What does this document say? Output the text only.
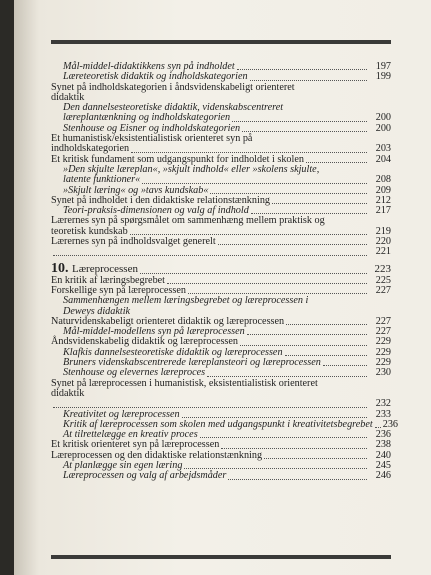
Mål-middel-didaktikkens syn på indholdet	197
Læreteoretisk didaktik og indholdskategorien	199
Synet på indholdskategorien i åndsvidenskabeligt orienteret
didaktik
Den dannelsesteoretiske didaktik, videnskabscentreret
læreplantænkning og indholdskategorien	200
Stenhouse og Eisner og indholdskategorien	200
Et humanistisk/eksistentialistisk orienteret syn på
indholdskategorien	203
Et kritisk fundament som udgangspunkt for indholdet i skolen	204
»Den skjulte læreplan«, »skjult indhold« eller »skolens skjulte,
latente funktioner«	208
»Skjult læring« og »tavs kundskab«	209
Synet på indholdet i den didaktiske relationstænkning	212
Teori-praksis-dimensionen og valg af indhold	217
Lærernes syn på spørgsmålet om sammenhæng mellem praktisk og
teoretisk kundskab	219
Lærernes syn på indholdsvalget generelt	220
221
10. Læreprocessen	223
En kritik af læringsbegrebet	225
Forskellige syn på læreprocessen	227
Sammenhængen mellem læringsbegrebet og læreprocessen i
Deweys didaktik
Naturvidenskabeligt orienteret didaktik og læreprocessen	227
Mål-middel-modellens syn på læreprocessen	227
Åndsvidenskabelig didaktik og læreprocessen	229
Klafkis dannelsesteoretiske didaktik og læreprocessen	229
Bruners videnskabscentrerede læreplansteori og læreprocessen	229
Stenhouse og elevernes læreproces	230
Synet på læreprocessen i humanistisk, eksistentialistisk orienteret
didaktik
232
Kreativitet og læreprocessen	233
Kritik af læreprocessen som skolen med udgangspunkt i kreativitetsbegrebet 236
At tilrettelægge en kreativ proces	236
Et kritisk orienteret syn på læreprocessen	238
Læreprocessen og den didaktiske relationstænkning	240
At planlægge sin egen læring	245
Læreprocessen og valg af arbejdsmåder	246
